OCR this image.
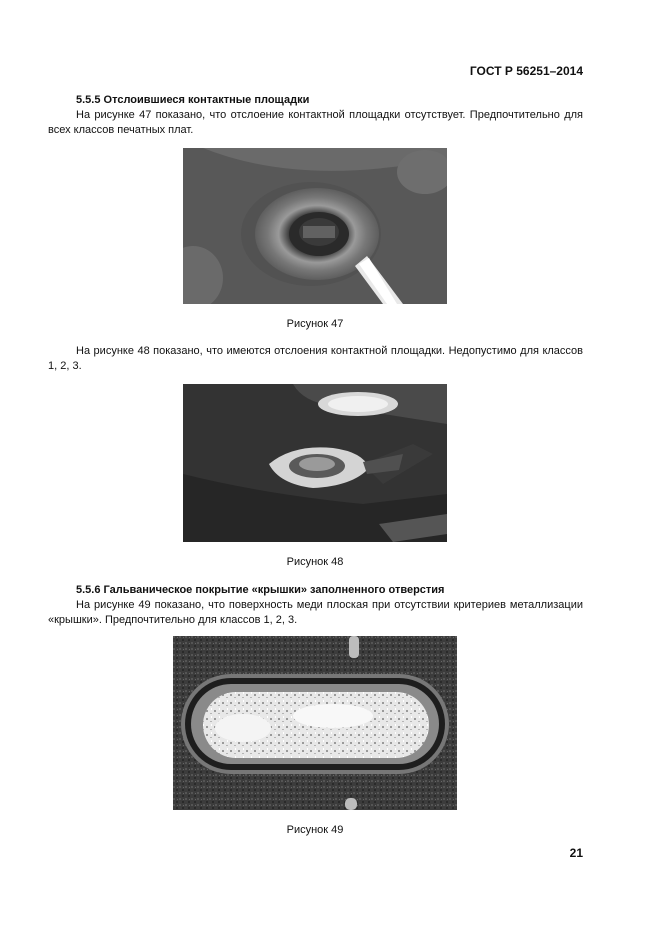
ГОСТ Р 56251–2014
5.5.5 Отслоившиеся контактные площадки
На рисунке 47 показано, что отслоение контактной площадки отсутствует. Предпочтительно для всех классов печатных плат.
Рисунок 47
На рисунке 48 показано, что имеются отслоения контактной площадки. Недопустимо для классов 1, 2, 3.
Рисунок 48
5.5.6 Гальваническое покрытие «крышки» заполненного отверстия
На рисунке 49 показано, что поверхность меди плоская при отсутствии критериев металлизации «крышки». Предпочтительно для классов 1, 2, 3.
Рисунок 49
21
